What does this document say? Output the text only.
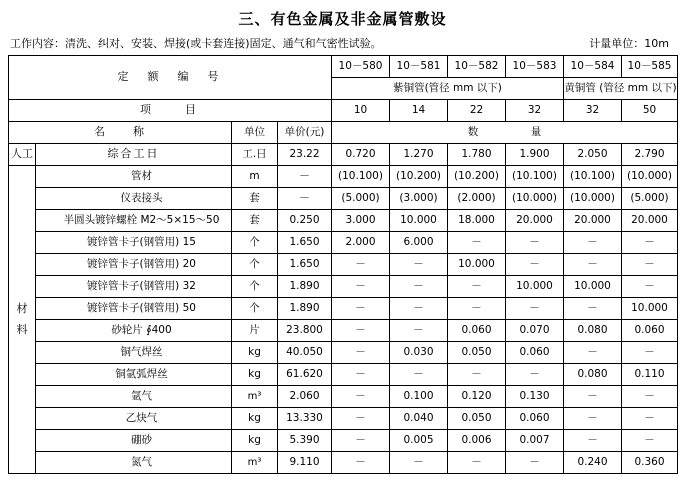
三、有色金属及非金属管敷设
工作内容：清洗、纠对、安装、焊接(或卡套连接)固定、通气和气密性试验。	计量单位：10m
定　额　编　号				10－580	10－581	10－582	10－583	10－584	10－585
				紫铜管(管径 mm 以下)				黄铜管 (管径 mm 以下)	
项　　目				10	14	22	32	32	50
名　　称		单位	单价(元)	数　　　　　量					

人工	综合工日	工.日	23.22	0.720	1.270	1.780	1.900	2.050	2.790

材
料	管材	m	－	(10.100)	(10.200)	(10.200)	(10.100)	(10.100)	(10.000)
	仪表接头	套	－	(5.000)	(3.000)	(2.000)	(10.000)	(10.000)	(5.000)
	半圆头镀锌螺栓 M2～5×15～50	套	0.250	3.000	10.000	18.000	20.000	20.000	20.000
	镀锌管卡子(钢管用) 15	个	1.650	2.000	6.000	－	－	－	－
	镀锌管卡子(钢管用) 20	个	1.650	－	－	10.000	－	－	－
	镀锌管卡子(钢管用) 32	个	1.890	－	－	－	10.000	10.000	－
	镀锌管卡子(钢管用) 50	个	1.890	－	－	－	－	－	10.000
	砂轮片 ∮400	片	23.800	－	－	0.060	0.070	0.080	0.060
	铜气焊丝	kg	40.050	－	0.030	0.050	0.060	－	－
	铜氩弧焊丝	kg	61.620	－	－	－	－	0.080	0.110
	氩气	m³	2.060	－	0.100	0.120	0.130	－	－
	乙炔气	kg	13.330	－	0.040	0.050	0.060	－	－
	硼砂	kg	5.390	－	0.005	0.006	0.007	－	－
	氮气	m³	9.110	－	－	－	－	0.240	0.360
